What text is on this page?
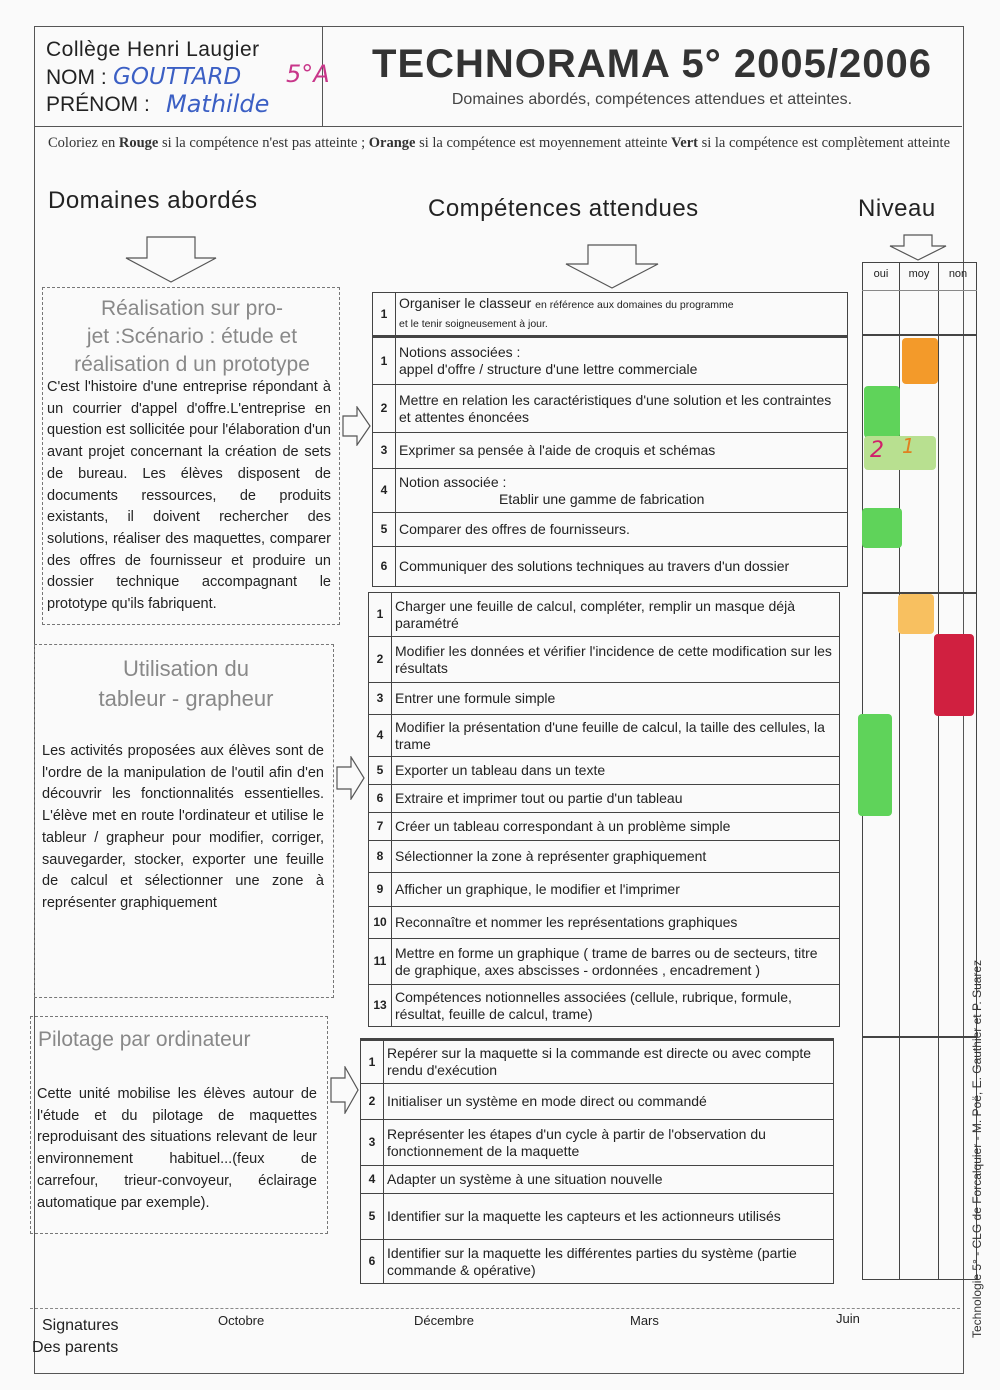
Collège Henri Laugier
NOM :
PRÉNOM :
GOUTTARD 5°A
Mathilde
TECHNORAMA 5° 2005/2006
Domaines abordés, compétences attendues et atteintes.
Coloriez en Rouge si la compétence n'est pas atteinte ; Orange si la compétence est moyennement atteinte Vert si la compétence est complètement atteinte
Domaines abordés	Compétences attendues	Niveau
Réalisation sur pro-
jet :Scénario : étude et
réalisation d un prototype
C'est l'histoire d'une entreprise répondant à un courrier d'appel d'offre.L'entreprise en question est sollicitée pour l'élaboration d'un avant projet concernant la création de sets de bureau. Les élèves disposent de documents ressources, de produits existants, il doivent rechercher des solutions, réaliser des maquettes, comparer des offres de fournisseur et produire un dossier technique accompagnant le prototype qu'ils fabriquent.
Utilisation du
tableur - grapheur
Les activités proposées aux élèves sont de l'ordre de la manipulation de l'outil afin d'en découvrir les fonctionnalités essentielles. L'élève met en route l'ordinateur et utilise le tableur / grapheur pour modifier, corriger, sauvegarder, stocker, exporter une feuille de calcul et sélectionner une zone à représenter graphiquement
Pilotage par ordinateur
Cette unité mobilise les élèves autour de l'étude et du pilotage de maquettes reproduisant des situations relevant de leur environnement habituel...(feux de carrefour, trieur-convoyeur, éclairage automatique par exemple).
1	Organiser le classeur en référence aux domaines du programme
et le tenir soigneusement à jour.
1	Notions associées :
appel d'offre / structure d'une lettre commerciale
2	Mettre en relation les caractéristiques d'une solution et les contraintes et attentes énoncées
3	Exprimer sa pensée à l'aide de croquis et schémas
4	Notion associée :
Etablir une gamme de fabrication
5	Comparer des offres de fournisseurs.
6	Communiquer des solutions techniques au travers d'un dossier
1	Charger une feuille de calcul, compléter, remplir un masque déjà paramétré
2	Modifier les données et vérifier l'incidence de cette modification sur les résultats
3	Entrer une formule simple
4	Modifier la présentation d'une feuille de calcul, la taille des cellules, la trame
5	Exporter un tableau dans un texte
6	Extraire et imprimer tout ou partie d'un tableau
7	Créer un tableau correspondant à un problème simple
8	Sélectionner la zone à représenter graphiquement
9	Afficher un graphique, le modifier et l'imprimer
10	Reconnaître et nommer les représentations graphiques
11	Mettre en forme un graphique ( trame de barres ou de secteurs, titre de graphique, axes abscisses - ordonnées , encadrement )
13	Compétences notionnelles associées (cellule, rubrique, formule, résultat, feuille de calcul, trame)
1	Repérer sur la maquette si la commande est directe ou avec compte rendu d'exécution
2	Initialiser un système en mode direct ou commandé
3	Représenter les étapes d'un cycle à partir de l'observation du fonctionnement de la maquette
4	Adapter un système à une situation nouvelle
5	Identifier sur la maquette les capteurs et les actionneurs utilisés
6	Identifier sur la maquette les différentes parties du système (partie commande & opérative)
oui	moy	non
2 1
Signatures
Des parents
Octobre	Décembre	Mars	Juin	Technologie 5° - CLG de Forcalquier - M. Poë, E. Gauthier et P. Suarez
